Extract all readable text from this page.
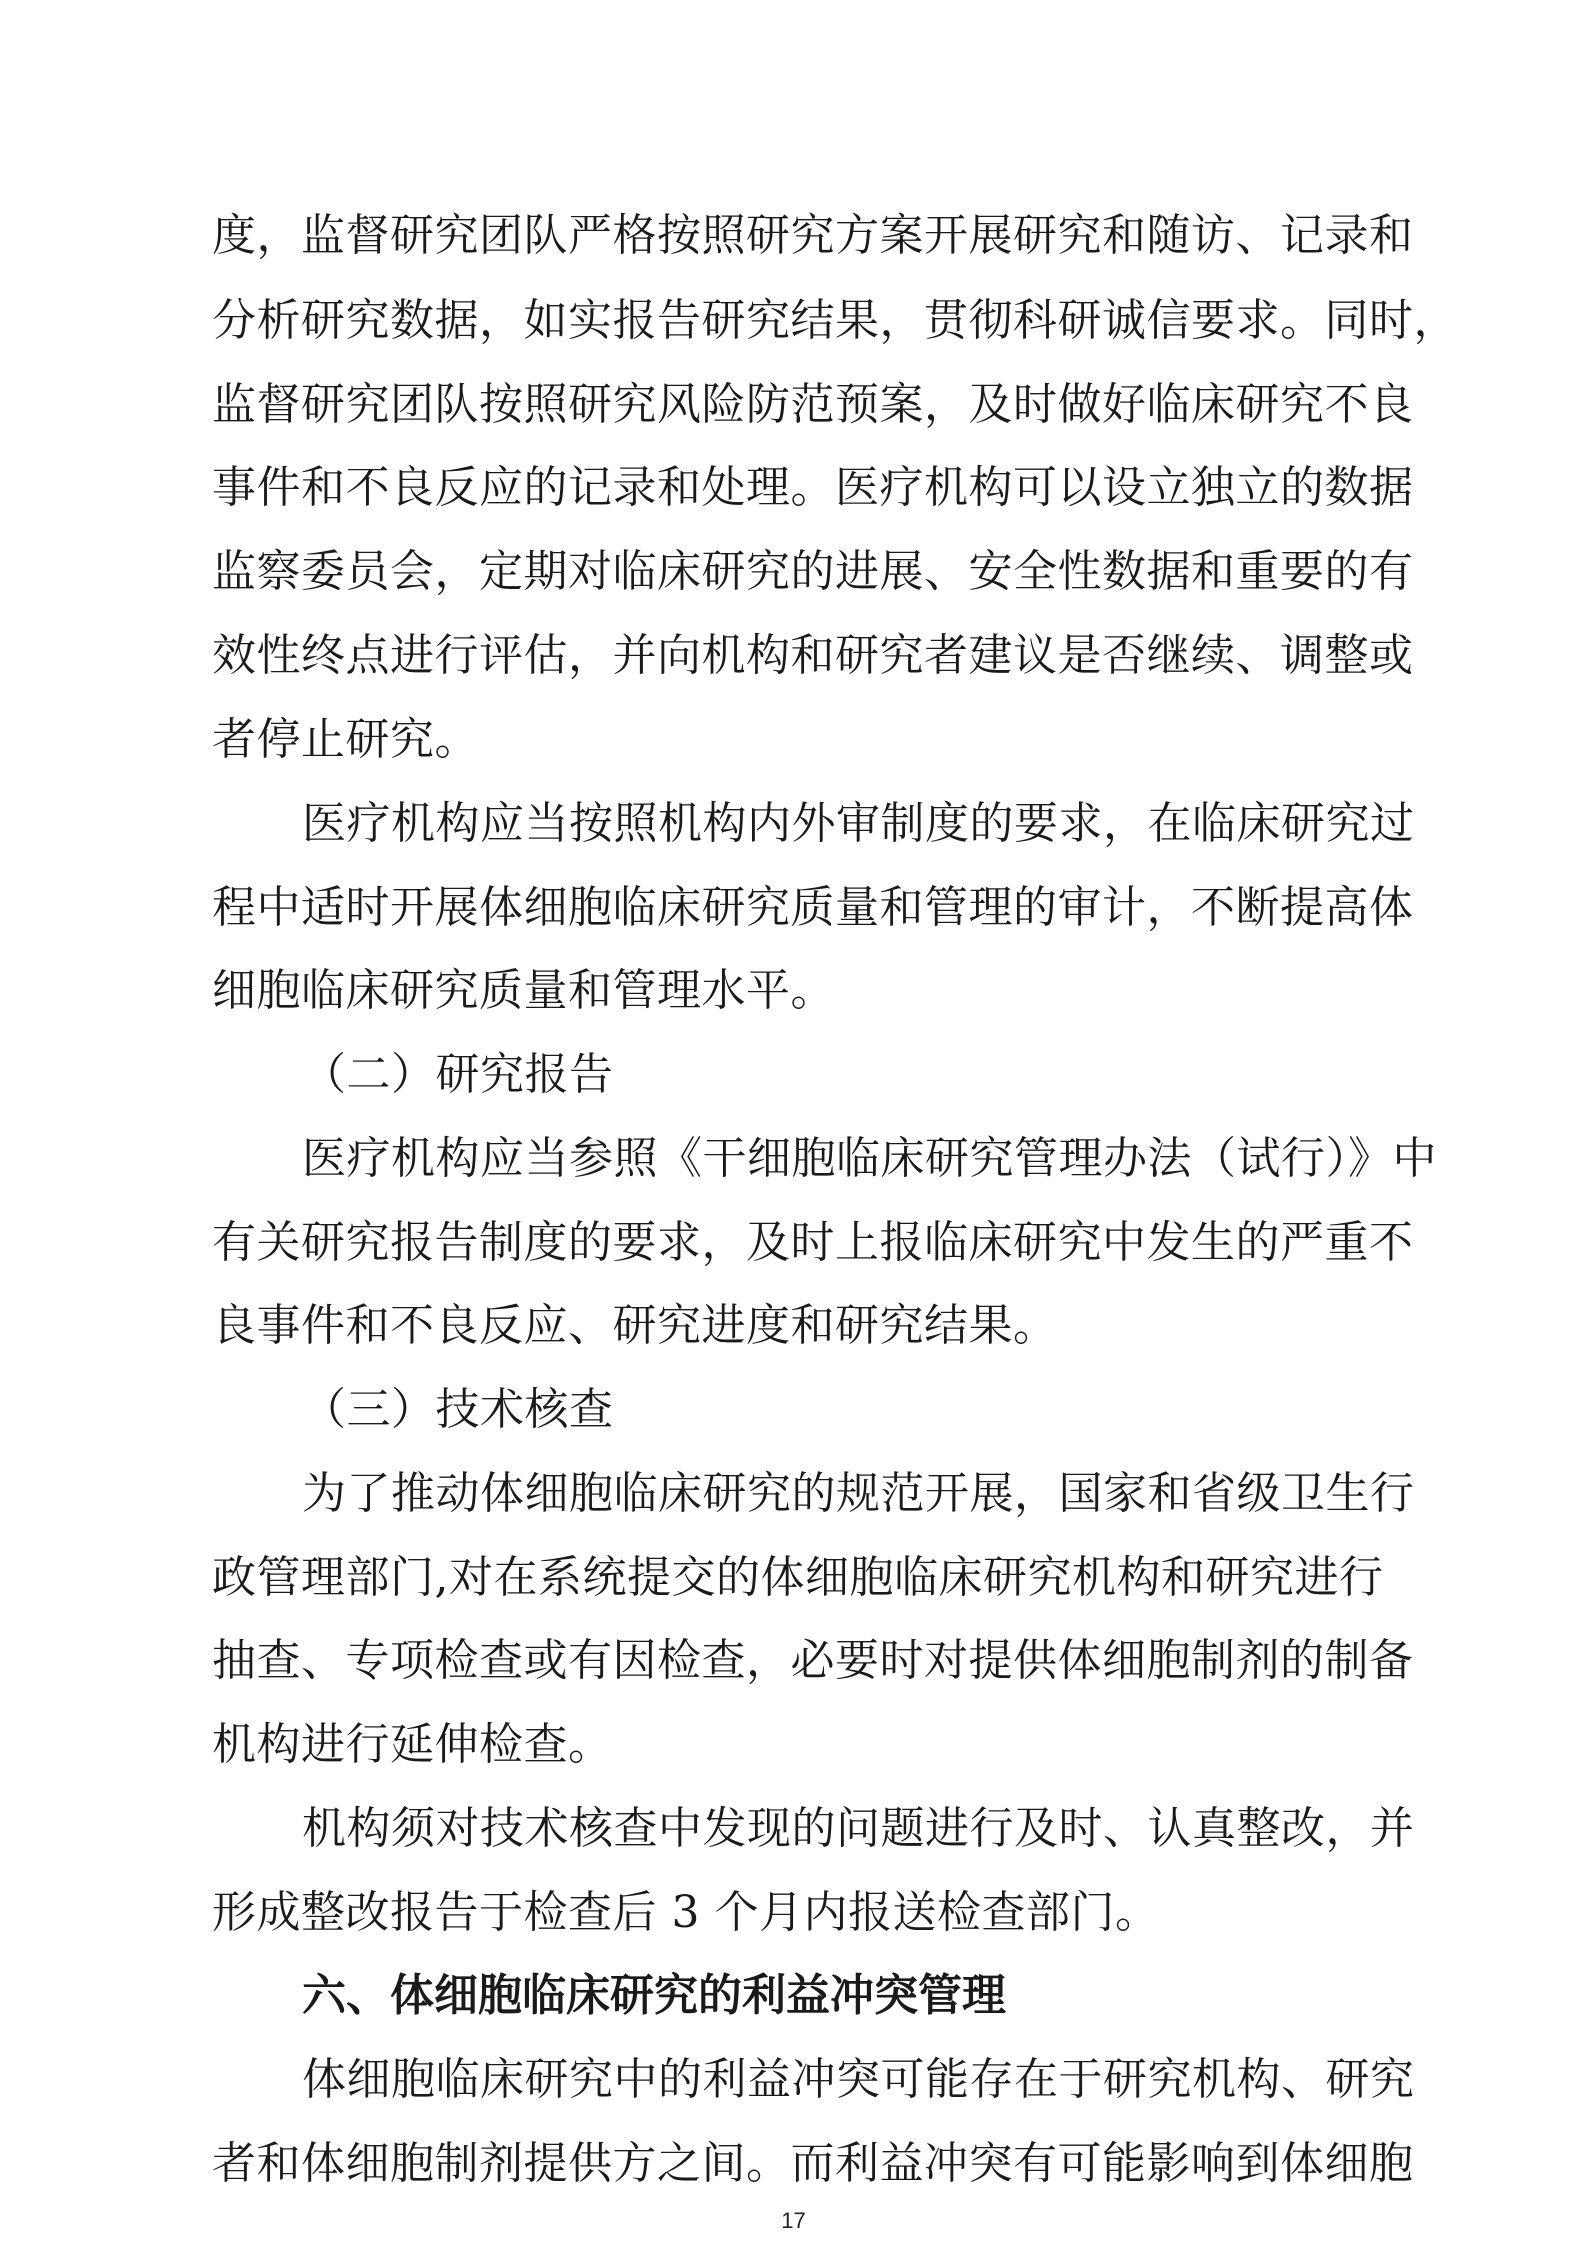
度，监督研究团队严格按照研究方案开展研究和随访、记录和
分析研究数据，如实报告研究结果，贯彻科研诚信要求。同时，
监督研究团队按照研究风险防范预案，及时做好临床研究不良
事件和不良反应的记录和处理。医疗机构可以设立独立的数据
监察委员会，定期对临床研究的进展、安全性数据和重要的有
效性终点进行评估，并向机构和研究者建议是否继续、调整或
者停止研究。
医疗机构应当按照机构内外审制度的要求，在临床研究过
程中适时开展体细胞临床研究质量和管理的审计，不断提高体
细胞临床研究质量和管理水平。
（二）研究报告
医疗机构应当参照《干细胞临床研究管理办法（试行）》中
有关研究报告制度的要求，及时上报临床研究中发生的严重不
良事件和不良反应、研究进度和研究结果。
（三）技术核查
为了推动体细胞临床研究的规范开展，国家和省级卫生行
政管理部门,对在系统提交的体细胞临床研究机构和研究进行
抽查、专项检查或有因检查，必要时对提供体细胞制剂的制备
机构进行延伸检查。
机构须对技术核查中发现的问题进行及时、认真整改，并
形成整改报告于检查后 3 个月内报送检查部门。
六、体细胞临床研究的利益冲突管理
体细胞临床研究中的利益冲突可能存在于研究机构、研究
者和体细胞制剂提供方之间。而利益冲突有可能影响到体细胞
17
